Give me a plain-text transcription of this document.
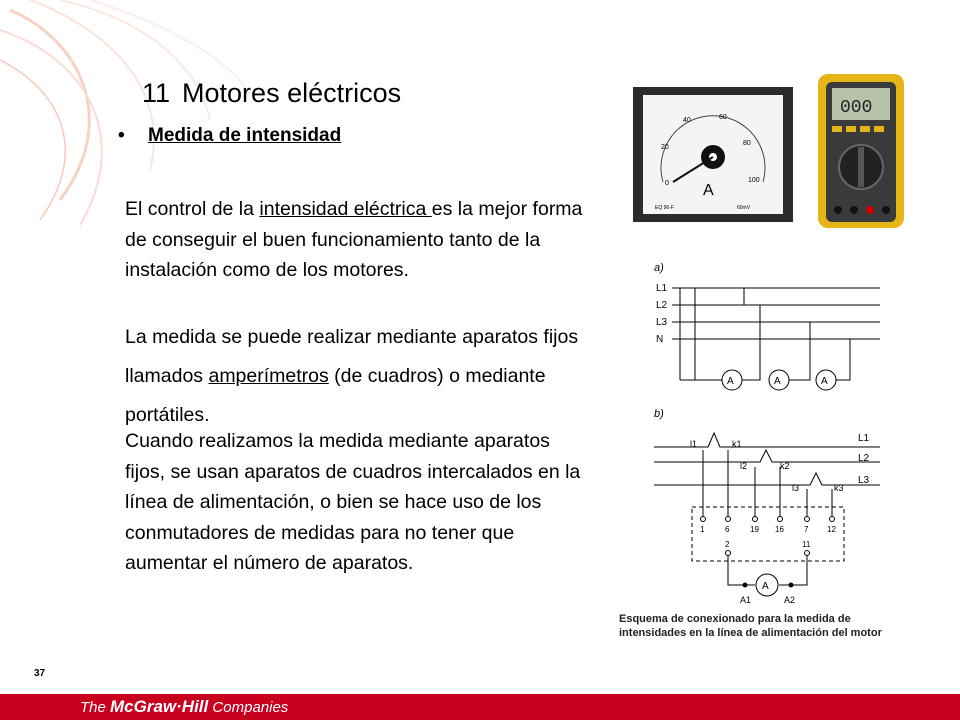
11 Motores eléctricos
• Medida de intensidad
El control de la intensidad eléctrica es la mejor forma de conseguir el buen funcionamiento tanto de la instalación como de los motores.
La medida se puede realizar mediante aparatos fijos llamados amperímetros (de cuadros) o mediante portátiles.
Cuando realizamos la medida mediante aparatos fijos, se usan aparatos de cuadros intercalados en la línea de alimentación, o bien se hace uso de los conmutadores de medidas para no tener que aumentar el número de aparatos.
0
20
40	60
80
100
A
EQ 96-F	60mV
000
a)
L1
L2
L3
N
A	A	A
b)
L1
L2
L3
l1	k1
l2	k2
l3	k3
1	6	19 16	7 12
2	11
A
A1	A2
Esquema de conexionado para la medida de intensidades en la línea de alimentación del motor
37
The McGraw·Hill Companies
